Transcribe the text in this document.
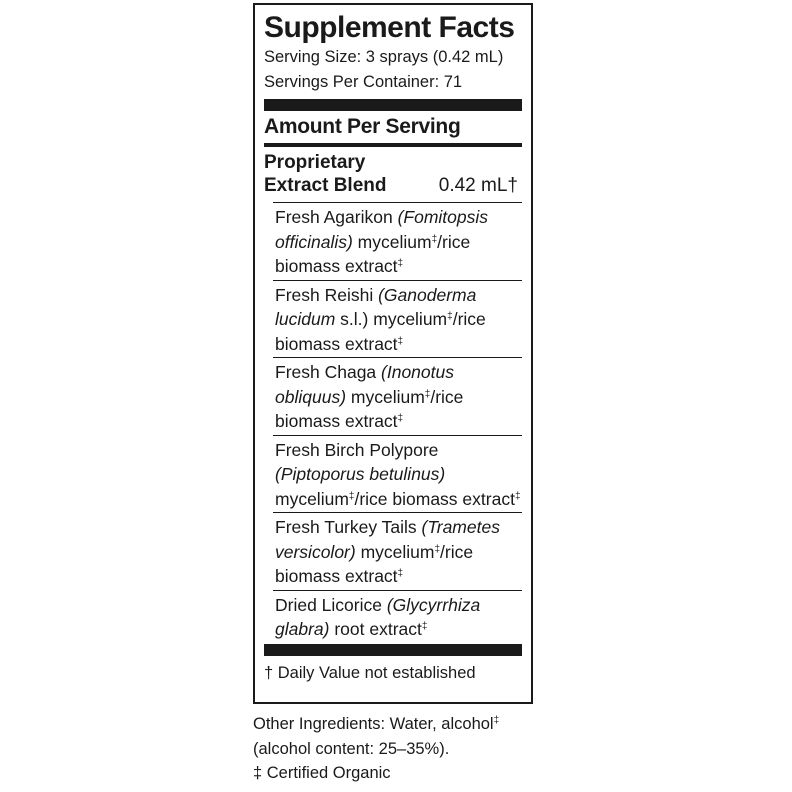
Supplement Facts
Serving Size: 3 sprays (0.42 mL)
Servings Per Container: 71
Amount Per Serving
Proprietary
Extract Blend	0.42 mL†
Fresh Agarikon (Fomitopsis officinalis) mycelium‡/rice biomass extract‡
Fresh Reishi (Ganoderma lucidum s.l.) mycelium‡/rice biomass extract‡
Fresh Chaga (Inonotus obliquus) mycelium‡/rice biomass extract‡
Fresh Birch Polypore (Piptoporus betulinus) mycelium‡/rice biomass extract‡
Fresh Turkey Tails (Trametes versicolor) mycelium‡/rice biomass extract‡
Dried Licorice (Glycyrrhiza glabra) root extract‡
† Daily Value not established
Other Ingredients: Water, alcohol‡
(alcohol content: 25–35%).
‡ Certified Organic
